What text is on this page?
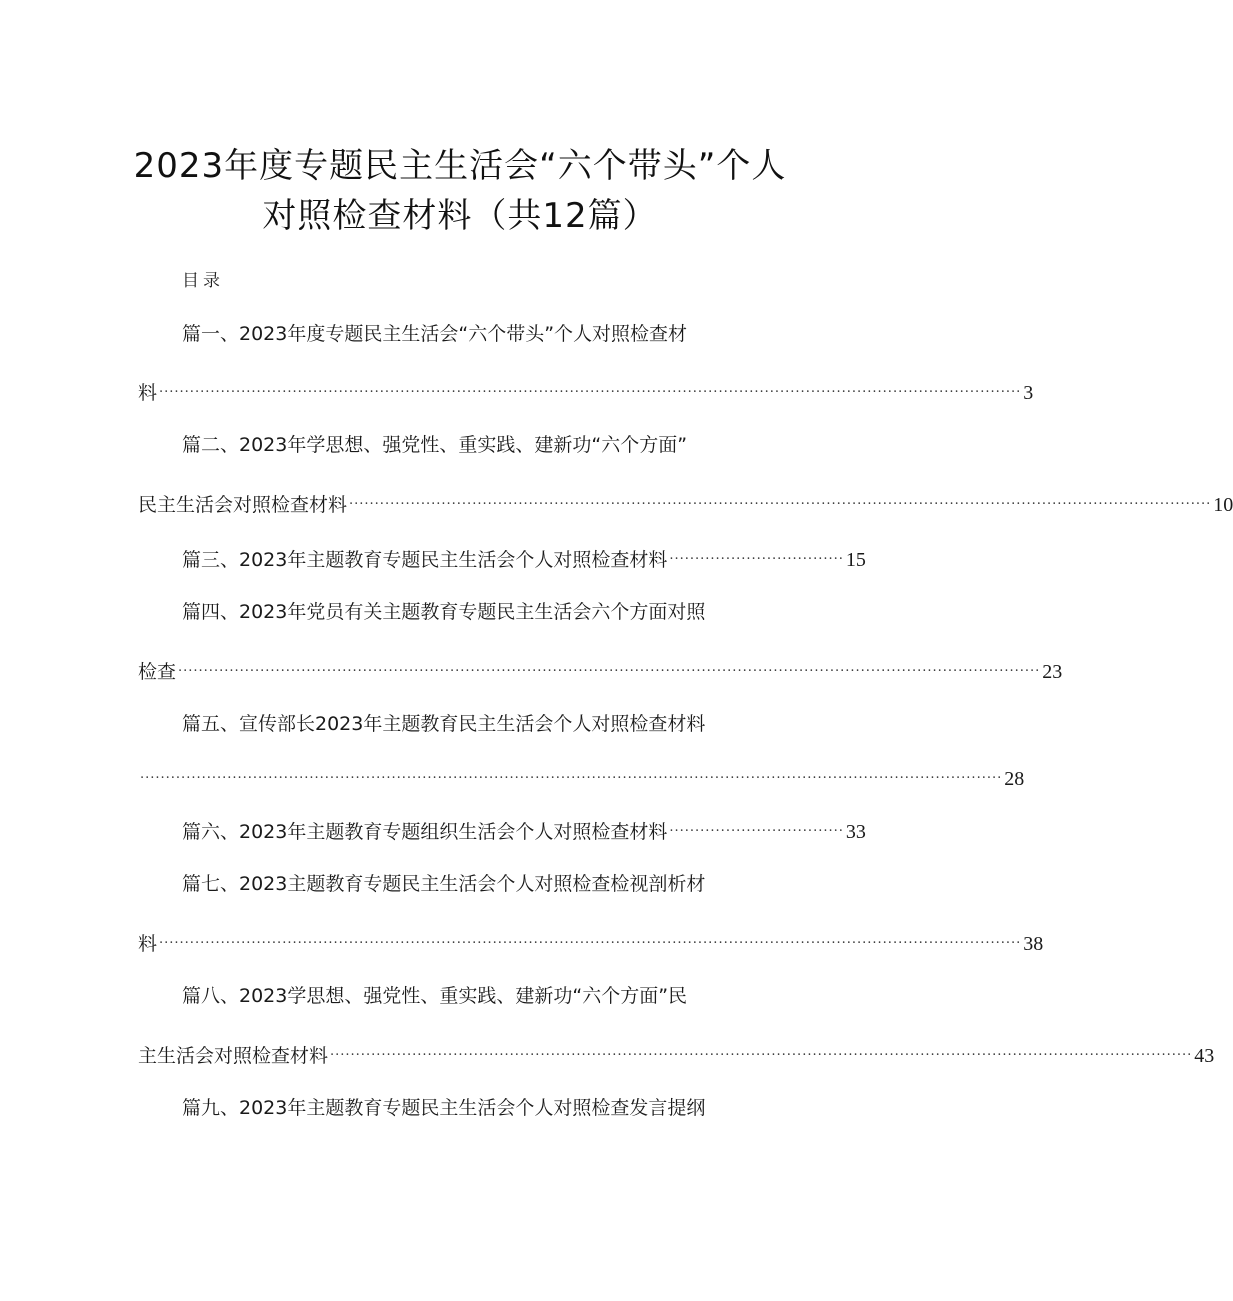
2023年度专题民主生活会“六个带头”个人
对照检查材料（共12篇）
目录
篇一、2023年度专题民主生活会“六个带头”个人对照检查材
料 ........................................................................................................................................................................ 3
篇二、2023年学思想、强党性、重实践、建新功“六个方面”
民主生活会对照检查材料 ........................................................................................................................................................................ 10
篇三、2023年主题教育专题民主生活会个人对照检查材料 .................................. 15
篇四、2023年党员有关主题教育专题民主生活会六个方面对照
检查 ........................................................................................................................................................................ 23
篇五、宣传部长2023年主题教育民主生活会个人对照检查材料
........................................................................................................................................................................ 28
篇六、2023年主题教育专题组织生活会个人对照检查材料 .................................. 33
篇七、2023主题教育专题民主生活会个人对照检查检视剖析材
料 ........................................................................................................................................................................ 38
篇八、2023学思想、强党性、重实践、建新功“六个方面”民
主生活会对照检查材料 ........................................................................................................................................................................ 43
篇九、2023年主题教育专题民主生活会个人对照检查发言提纲
